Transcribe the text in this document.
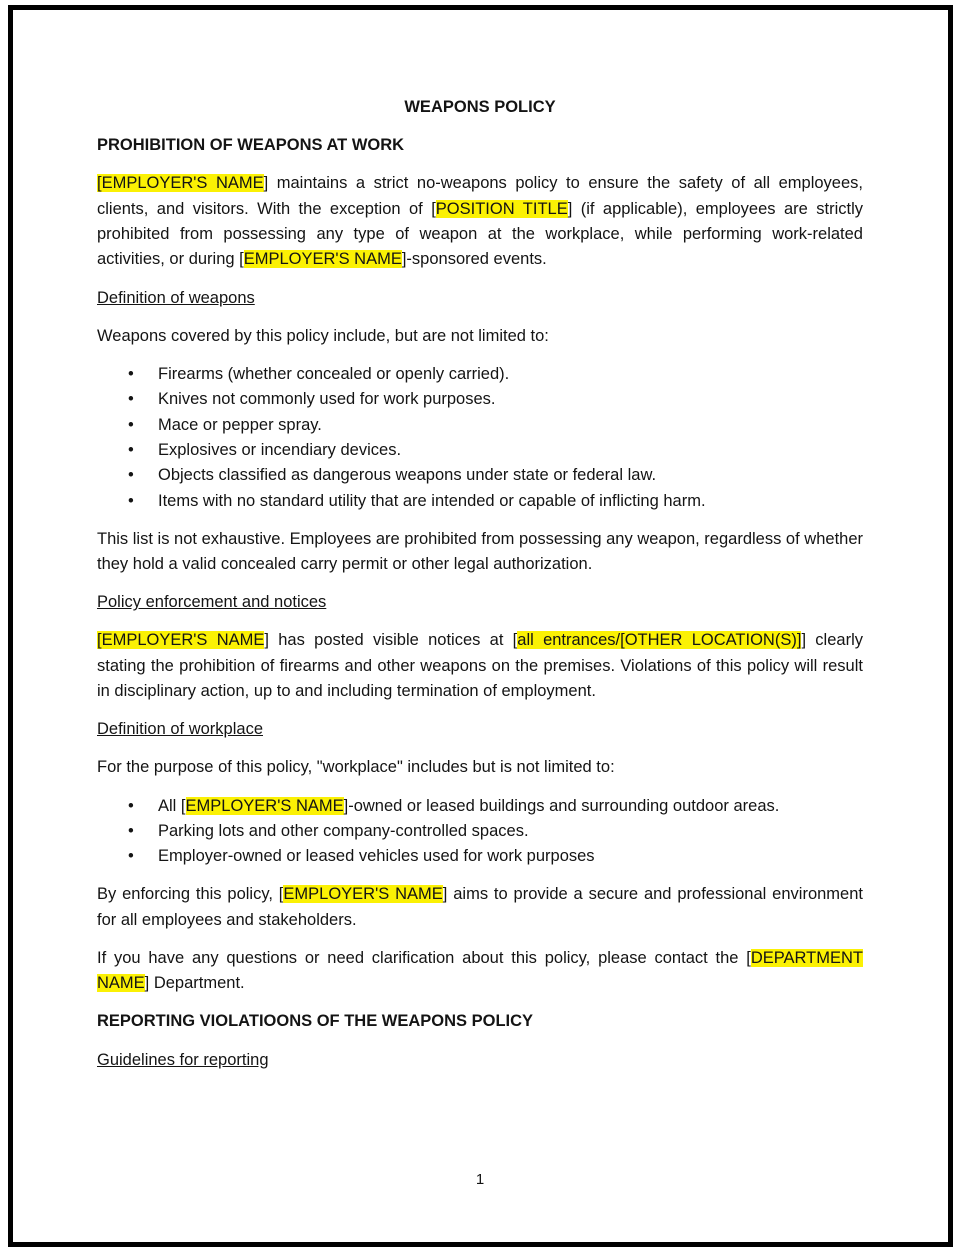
WEAPONS POLICY

PROHIBITION OF WEAPONS AT WORK

[EMPLOYER'S NAME] maintains a strict no-weapons policy to ensure the safety of all employees, clients, and visitors. With the exception of [POSITION TITLE] (if applicable), employees are strictly prohibited from possessing any type of weapon at the workplace, while performing work-related activities, or during [EMPLOYER'S NAME]-sponsored events.

Definition of weapons

Weapons covered by this policy include, but are not limited to:

• Firearms (whether concealed or openly carried).
• Knives not commonly used for work purposes.
• Mace or pepper spray.
• Explosives or incendiary devices.
• Objects classified as dangerous weapons under state or federal law.
• Items with no standard utility that are intended or capable of inflicting harm.

This list is not exhaustive. Employees are prohibited from possessing any weapon, regardless of whether they hold a valid concealed carry permit or other legal authorization.

Policy enforcement and notices

[EMPLOYER'S NAME] has posted visible notices at [all entrances/[OTHER LOCATION(S)]] clearly stating the prohibition of firearms and other weapons on the premises. Violations of this policy will result in disciplinary action, up to and including termination of employment.

Definition of workplace

For the purpose of this policy, "workplace" includes but is not limited to:

• All [EMPLOYER'S NAME]-owned or leased buildings and surrounding outdoor areas.
• Parking lots and other company-controlled spaces.
• Employer-owned or leased vehicles used for work purposes

By enforcing this policy, [EMPLOYER'S NAME] aims to provide a secure and professional environment for all employees and stakeholders.

If you have any questions or need clarification about this policy, please contact the [DEPARTMENT NAME] Department.

REPORTING VIOLATIOONS OF THE WEAPONS POLICY

Guidelines for reporting

1
